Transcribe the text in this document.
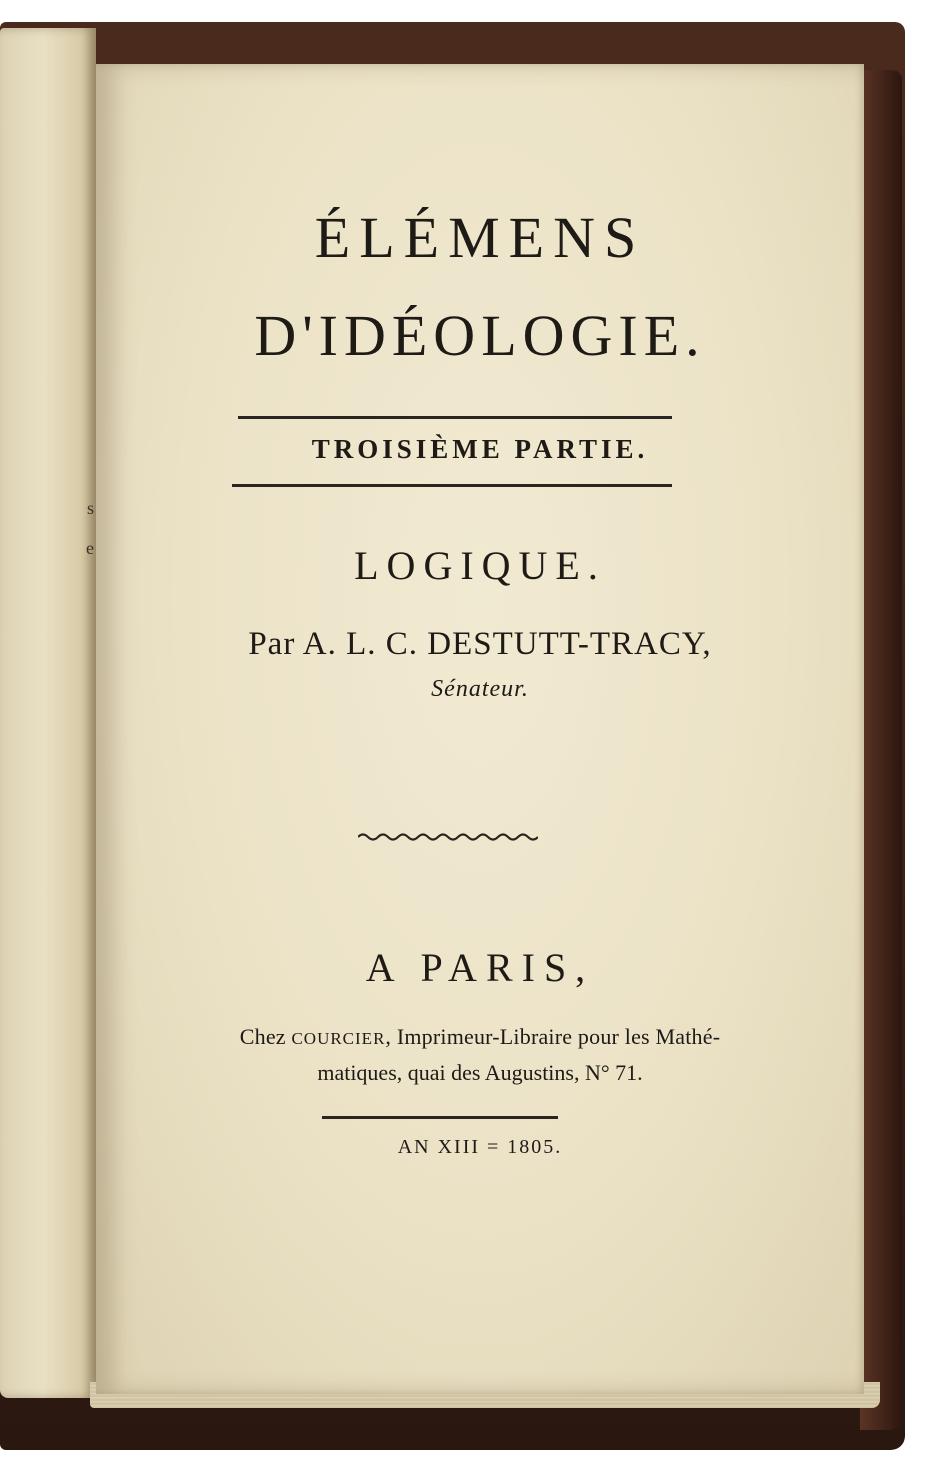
s
e
ÉLÉMENS
D'IDÉOLOGIE.
TROISIÈME PARTIE.
LOGIQUE.
Par A. L. C. DESTUTT-TRACY,
Sénateur.
A PARIS,
Chez COURCIER, Imprimeur-Libraire pour les Mathé-
matiques, quai des Augustins, N° 71.
AN XIII = 1805.
